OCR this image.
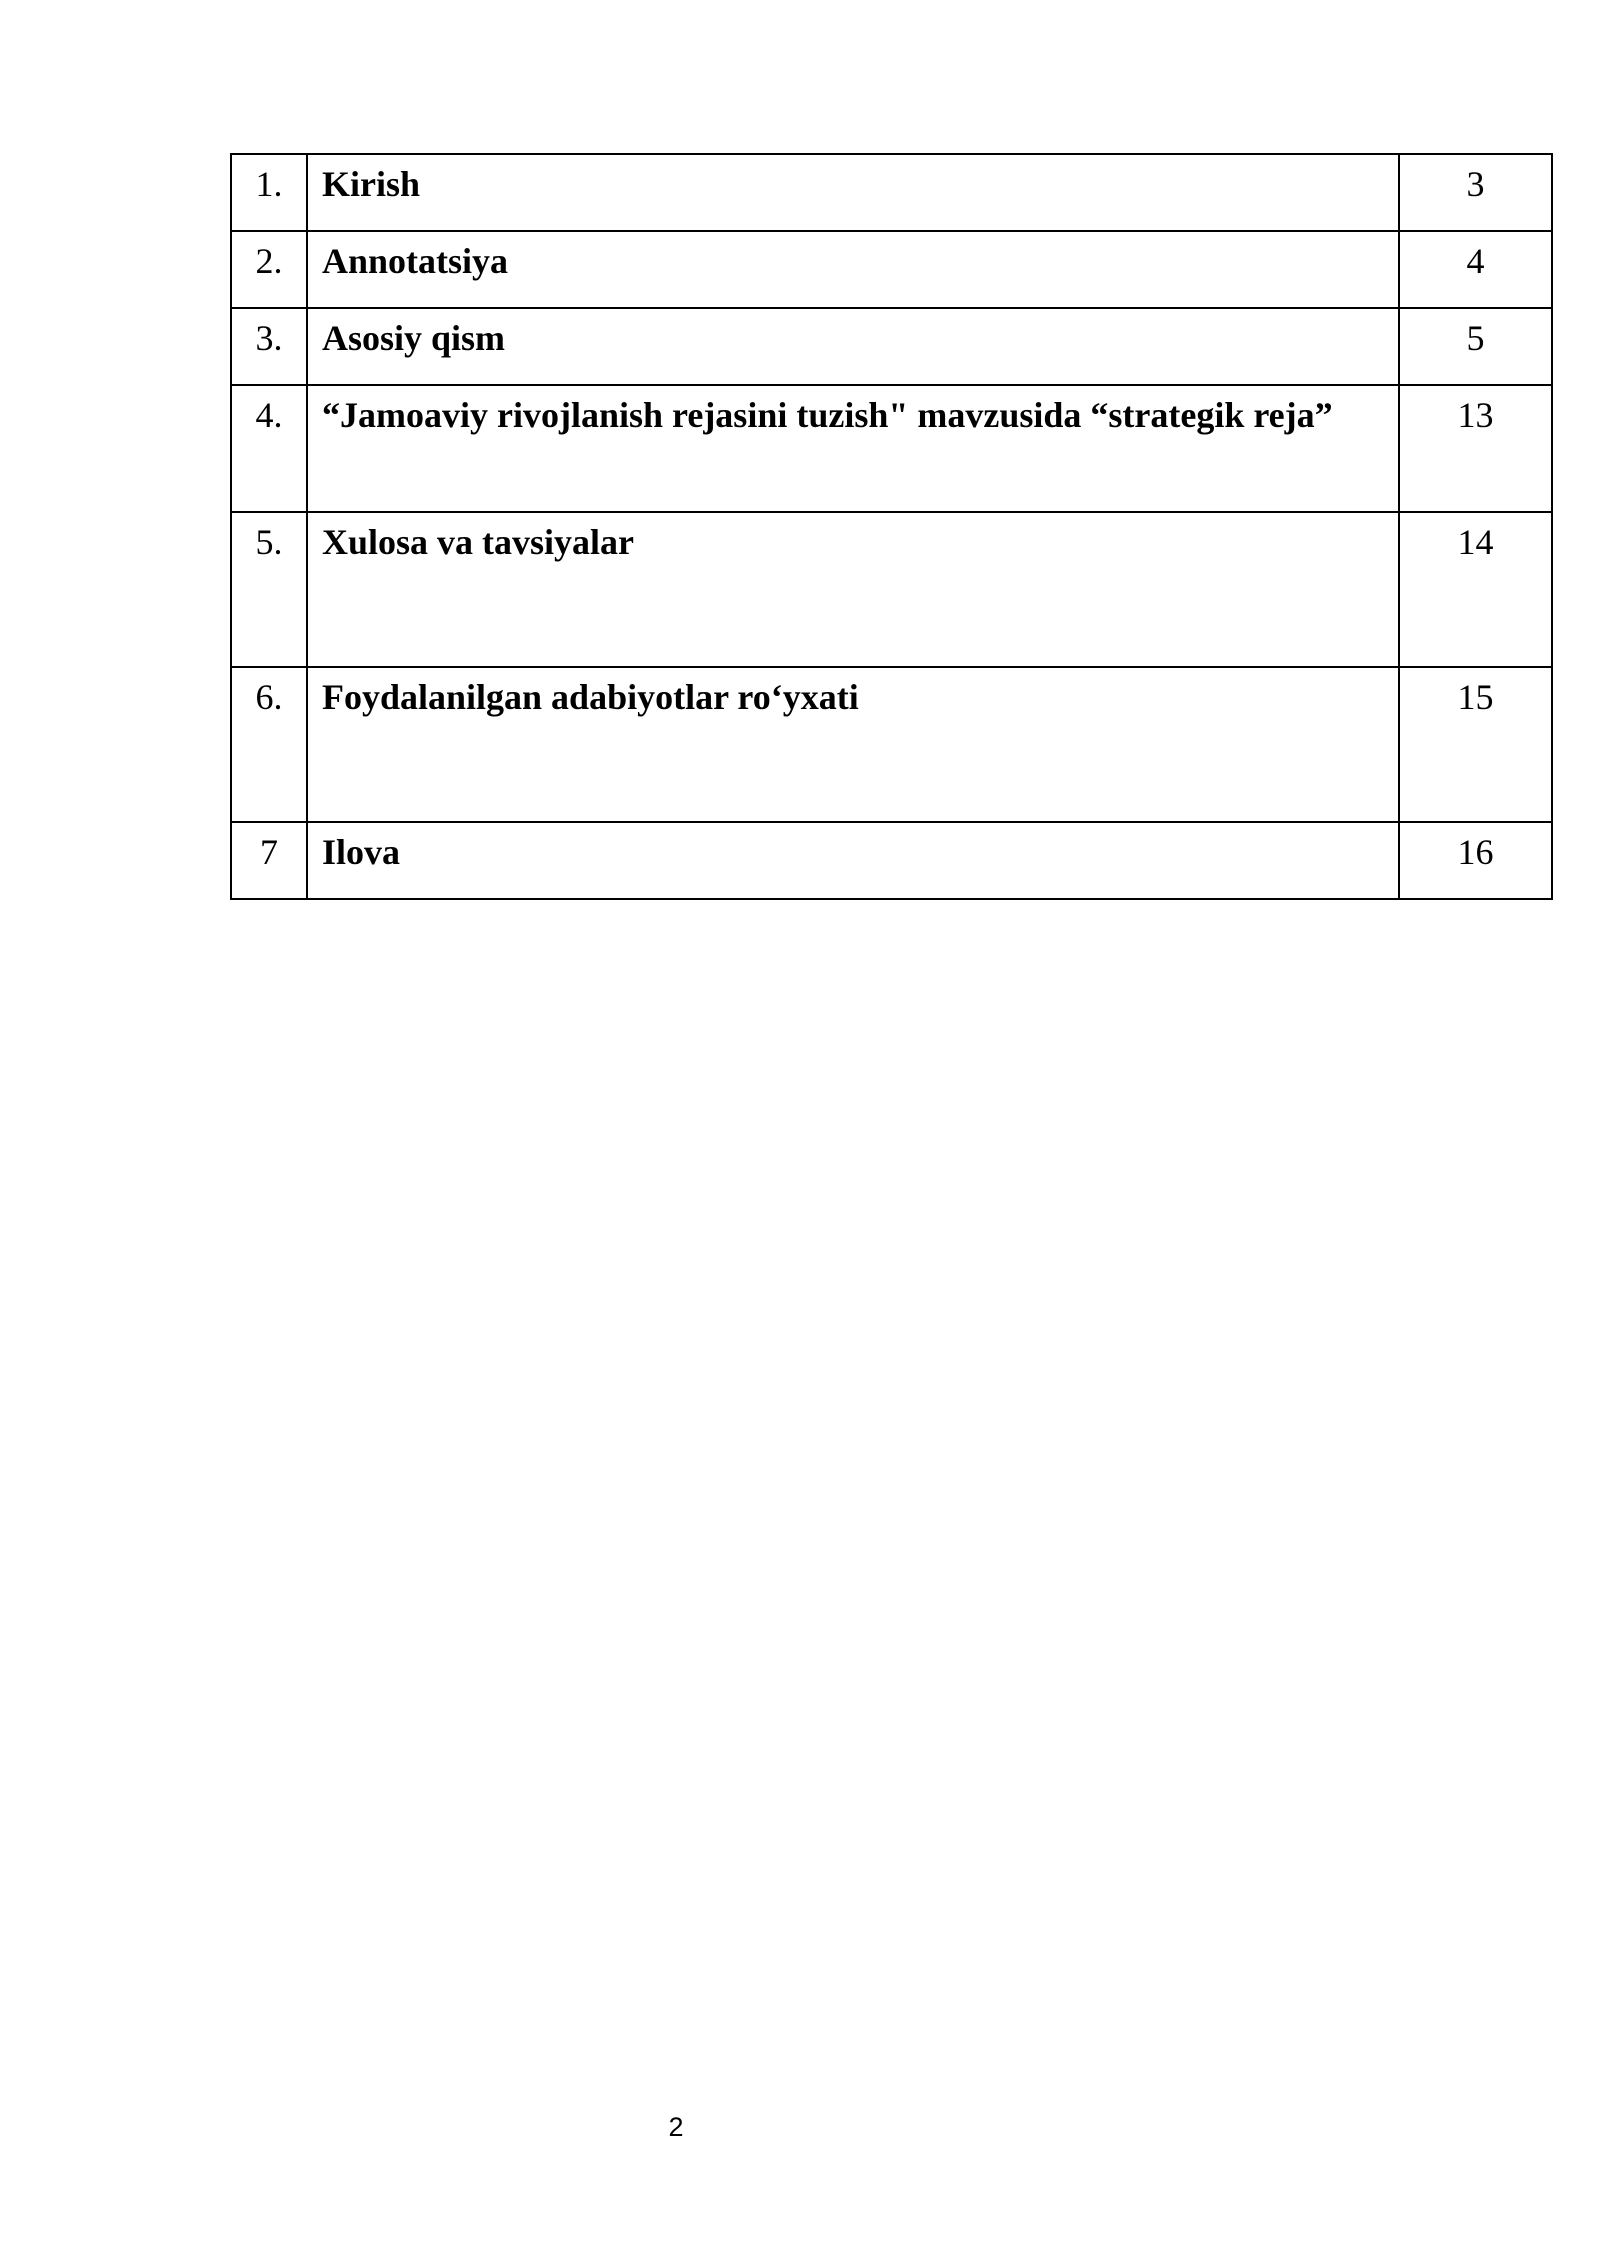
1.	Kirish	3
2.	Annotatsiya	4
3.	Asosiy qism	5
4.	“Jamoaviy rivojlanish rejasini tuzish" mavzusida “strategik reja”	13
5.	Xulosa va tavsiyalar	14
6.	Foydalanilgan adabiyotlar ro‘yxati	15
7	Ilova	16
2
